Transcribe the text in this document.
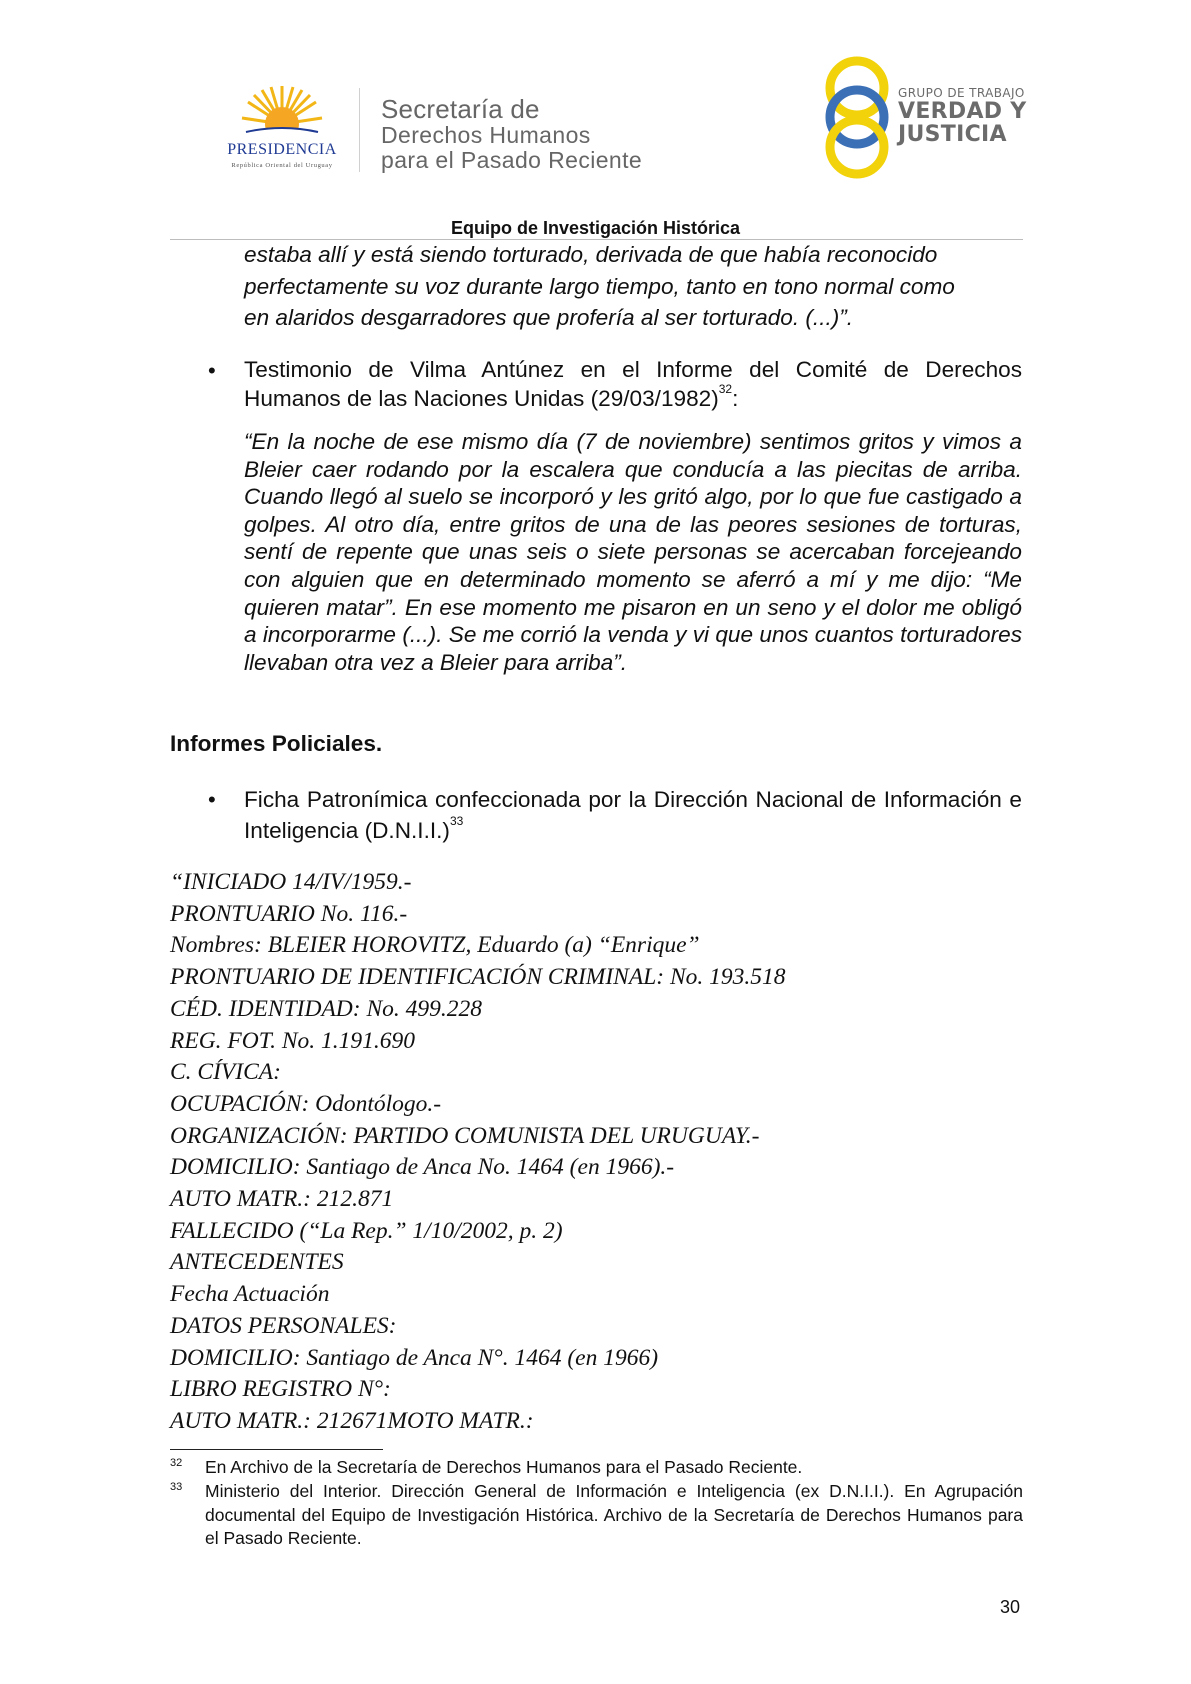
PRESIDENCIA
República Oriental del Uruguay
Secretaría de
Derechos Humanos
para el Pasado Reciente
GRUPO DE TRABAJO
VERDAD Y
JUSTICIA
Equipo de Investigación Histórica
estaba allí y está siendo torturado, derivada de que había reconocido
perfectamente su voz durante largo tiempo, tanto en tono normal como
en alaridos desgarradores que profería al ser torturado. (...)”.
• Testimonio de Vilma Antúnez en el Informe del Comité de Derechos Humanos de las Naciones Unidas $(29/03/1982)^{32}$:
“En la noche de ese mismo día (7 de noviembre) sentimos gritos y vimos a Bleier caer rodando por la escalera que conducía a las piecitas de arriba. Cuando llegó al suelo se incorporó y les gritó algo, por lo que fue castigado a golpes. Al otro día, entre gritos de una de las peores sesiones de torturas, sentí de repente que unas seis o siete personas se acercaban forcejeando con alguien que en determinado momento se aferró a mí y me dijo: “Me quieren matar”. En ese momento me pisaron en un seno y el dolor me obligó a incorporarme (...). Se me corrió la venda y vi que unos cuantos torturadores llevaban otra vez a Bleier para arriba”.
Informes Policiales.
• Ficha Patronímica confeccionada por la Dirección Nacional de Información e Inteligencia $(D.N.I.I.)^{33}$
“INICIADO 14/IV/1959.-
PRONTUARIO No. 116.-
Nombres: BLEIER HOROVITZ, Eduardo (a) “Enrique”
PRONTUARIO DE IDENTIFICACIÓN CRIMINAL: No. 193.518
CÉD. IDENTIDAD: No. 499.228
REG. FOT. No. 1.191.690
C. CÍVICA:
OCUPACIÓN: Odontólogo.-
ORGANIZACIÓN: PARTIDO COMUNISTA DEL URUGUAY.-
DOMICILIO: Santiago de Anca No. 1464 (en 1966).-
AUTO MATR.: 212.871
FALLECIDO (“La Rep.” 1/10/2002, p. 2)
ANTECEDENTES
Fecha Actuación
DATOS PERSONALES:
DOMICILIO: Santiago de Anca N°. 1464 (en 1966)
LIBRO REGISTRO N°:
AUTO MATR.: 212671MOTO MATR.:
32 En Archivo de la Secretaría de Derechos Humanos para el Pasado Reciente.
33 Ministerio del Interior. Dirección General de Información e Inteligencia (ex D.N.I.I.). En Agrupación documental del Equipo de Investigación Histórica. Archivo de la Secretaría de Derechos Humanos para el Pasado Reciente.
30
